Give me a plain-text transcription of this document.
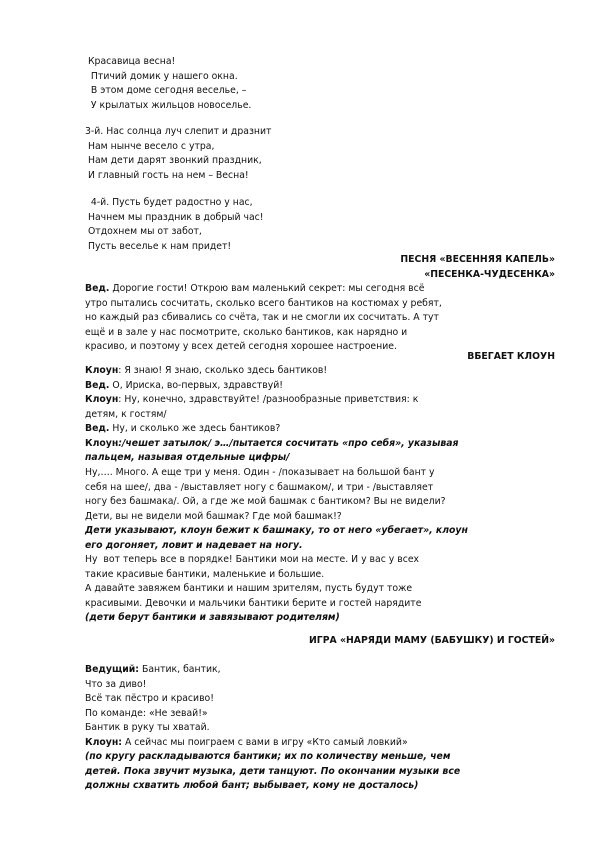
Красавица весна!
Птичий домик у нашего окна.
В этом доме сегодня веселье, –
У крылатых жильцов новоселье.
3-й. Нас солнца луч слепит и дразнит
Нам нынче весело с утра,
Нам дети дарят звонкий праздник,
И главный гость на нем – Весна!
4-й. Пусть будет радостно у нас,
Начнем мы праздник в добрый час!
Отдохнем мы от забот,
Пусть веселье к нам придет!
ПЕСНЯ «ВЕСЕННЯЯ КАПЕЛЬ»
«ПЕСЕНКА-ЧУДЕСЕНКА»
Вед. Дорогие гости! Открою вам маленький секрет: мы сегодня всё
утро пытались сосчитать, сколько всего бантиков на костюмах у ребят,
но каждый раз сбивались со счёта, так и не смогли их сосчитать. А тут
ещё и в зале у нас посмотрите, сколько бантиков, как нарядно и
красиво, и поэтому у всех детей сегодня хорошее настроение.
ВБЕГАЕТ КЛОУН
Клоун: Я знаю! Я знаю, сколько здесь бантиков!
Вед. О, Ириска, во-первых, здравствуй!
Клоун: Ну, конечно, здравствуйте! /разнообразные приветствия: к
детям, к гостям/
Вед. Ну, и сколько же здесь бантиков?
Клоун:/чешет затылок/ э…/пытается сосчитать «про себя», указывая
пальцем, называя отдельные цифры/
Ну,…. Много. А еще три у меня. Один - /показывает на большой бант у
себя на шее/, два - /выставляет ногу с башмаком/, и три - /выставляет
ногу без башмака/. Ой, а где же мой башмак с бантиком? Вы не видели?
Дети, вы не видели мой башмак? Где мой башмак!?
Дети указывают, клоун бежит к башмаку, то от него «убегает», клоун
его догоняет, ловит и надевает на ногу.
Ну  вот теперь все в порядке! Бантики мои на месте. И у вас у всех
такие красивые бантики, маленькие и большие.
А давайте завяжем бантики и нашим зрителям, пусть будут тоже
красивыми. Девочки и мальчики бантики берите и гостей нарядите
(дети берут бантики и завязывают родителям)
ИГРА «НАРЯДИ МАМУ (БАБУШКУ) И ГОСТЕЙ»
Ведущий: Бантик, бантик,
Что за диво!
Всё так пёстро и красиво!
По команде: «Не зевай!»
Бантик в руку ты хватай.
Клоун: А сейчас мы поиграем с вами в игру «Кто самый ловкий»
(по кругу раскладываются бантики; их по количеству меньше, чем
детей. Пока звучит музыка, дети танцуют. По окончании музыки все
должны схватить любой бант; выбывает, кому не досталось)
